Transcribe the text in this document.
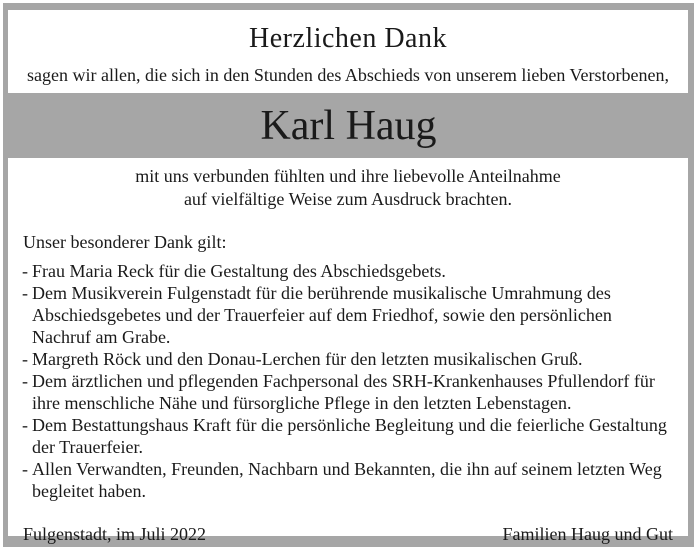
Herzlichen Dank
sagen wir allen, die sich in den Stunden des Abschieds von unserem lieben Verstorbenen,
Karl Haug
mit uns verbunden fühlten und ihre liebevolle Anteilnahme
auf vielfältige Weise zum Ausdruck brachten.
Unser besonderer Dank gilt:
- Frau Maria Reck für die Gestaltung des Abschiedsgebets.
- Dem Musikverein Fulgenstadt für die berührende musikalische Umrahmung des Abschiedsgebetes und der Trauerfeier auf dem Friedhof, sowie den persönlichen Nachruf am Grabe.
- Margreth Röck und den Donau-Lerchen für den letzten musikalischen Gruß.
- Dem ärztlichen und pflegenden Fachpersonal des SRH-Krankenhauses Pfullendorf für ihre menschliche Nähe und fürsorgliche Pflege in den letzten Lebenstagen.
- Dem Bestattungshaus Kraft für die persönliche Begleitung und die feierliche Gestaltung der Trauerfeier.
- Allen Verwandten, Freunden, Nachbarn und Bekannten, die ihn auf seinem letzten Weg begleitet haben.
Fulgenstadt, im Juli 2022	Familien Haug und Gut
